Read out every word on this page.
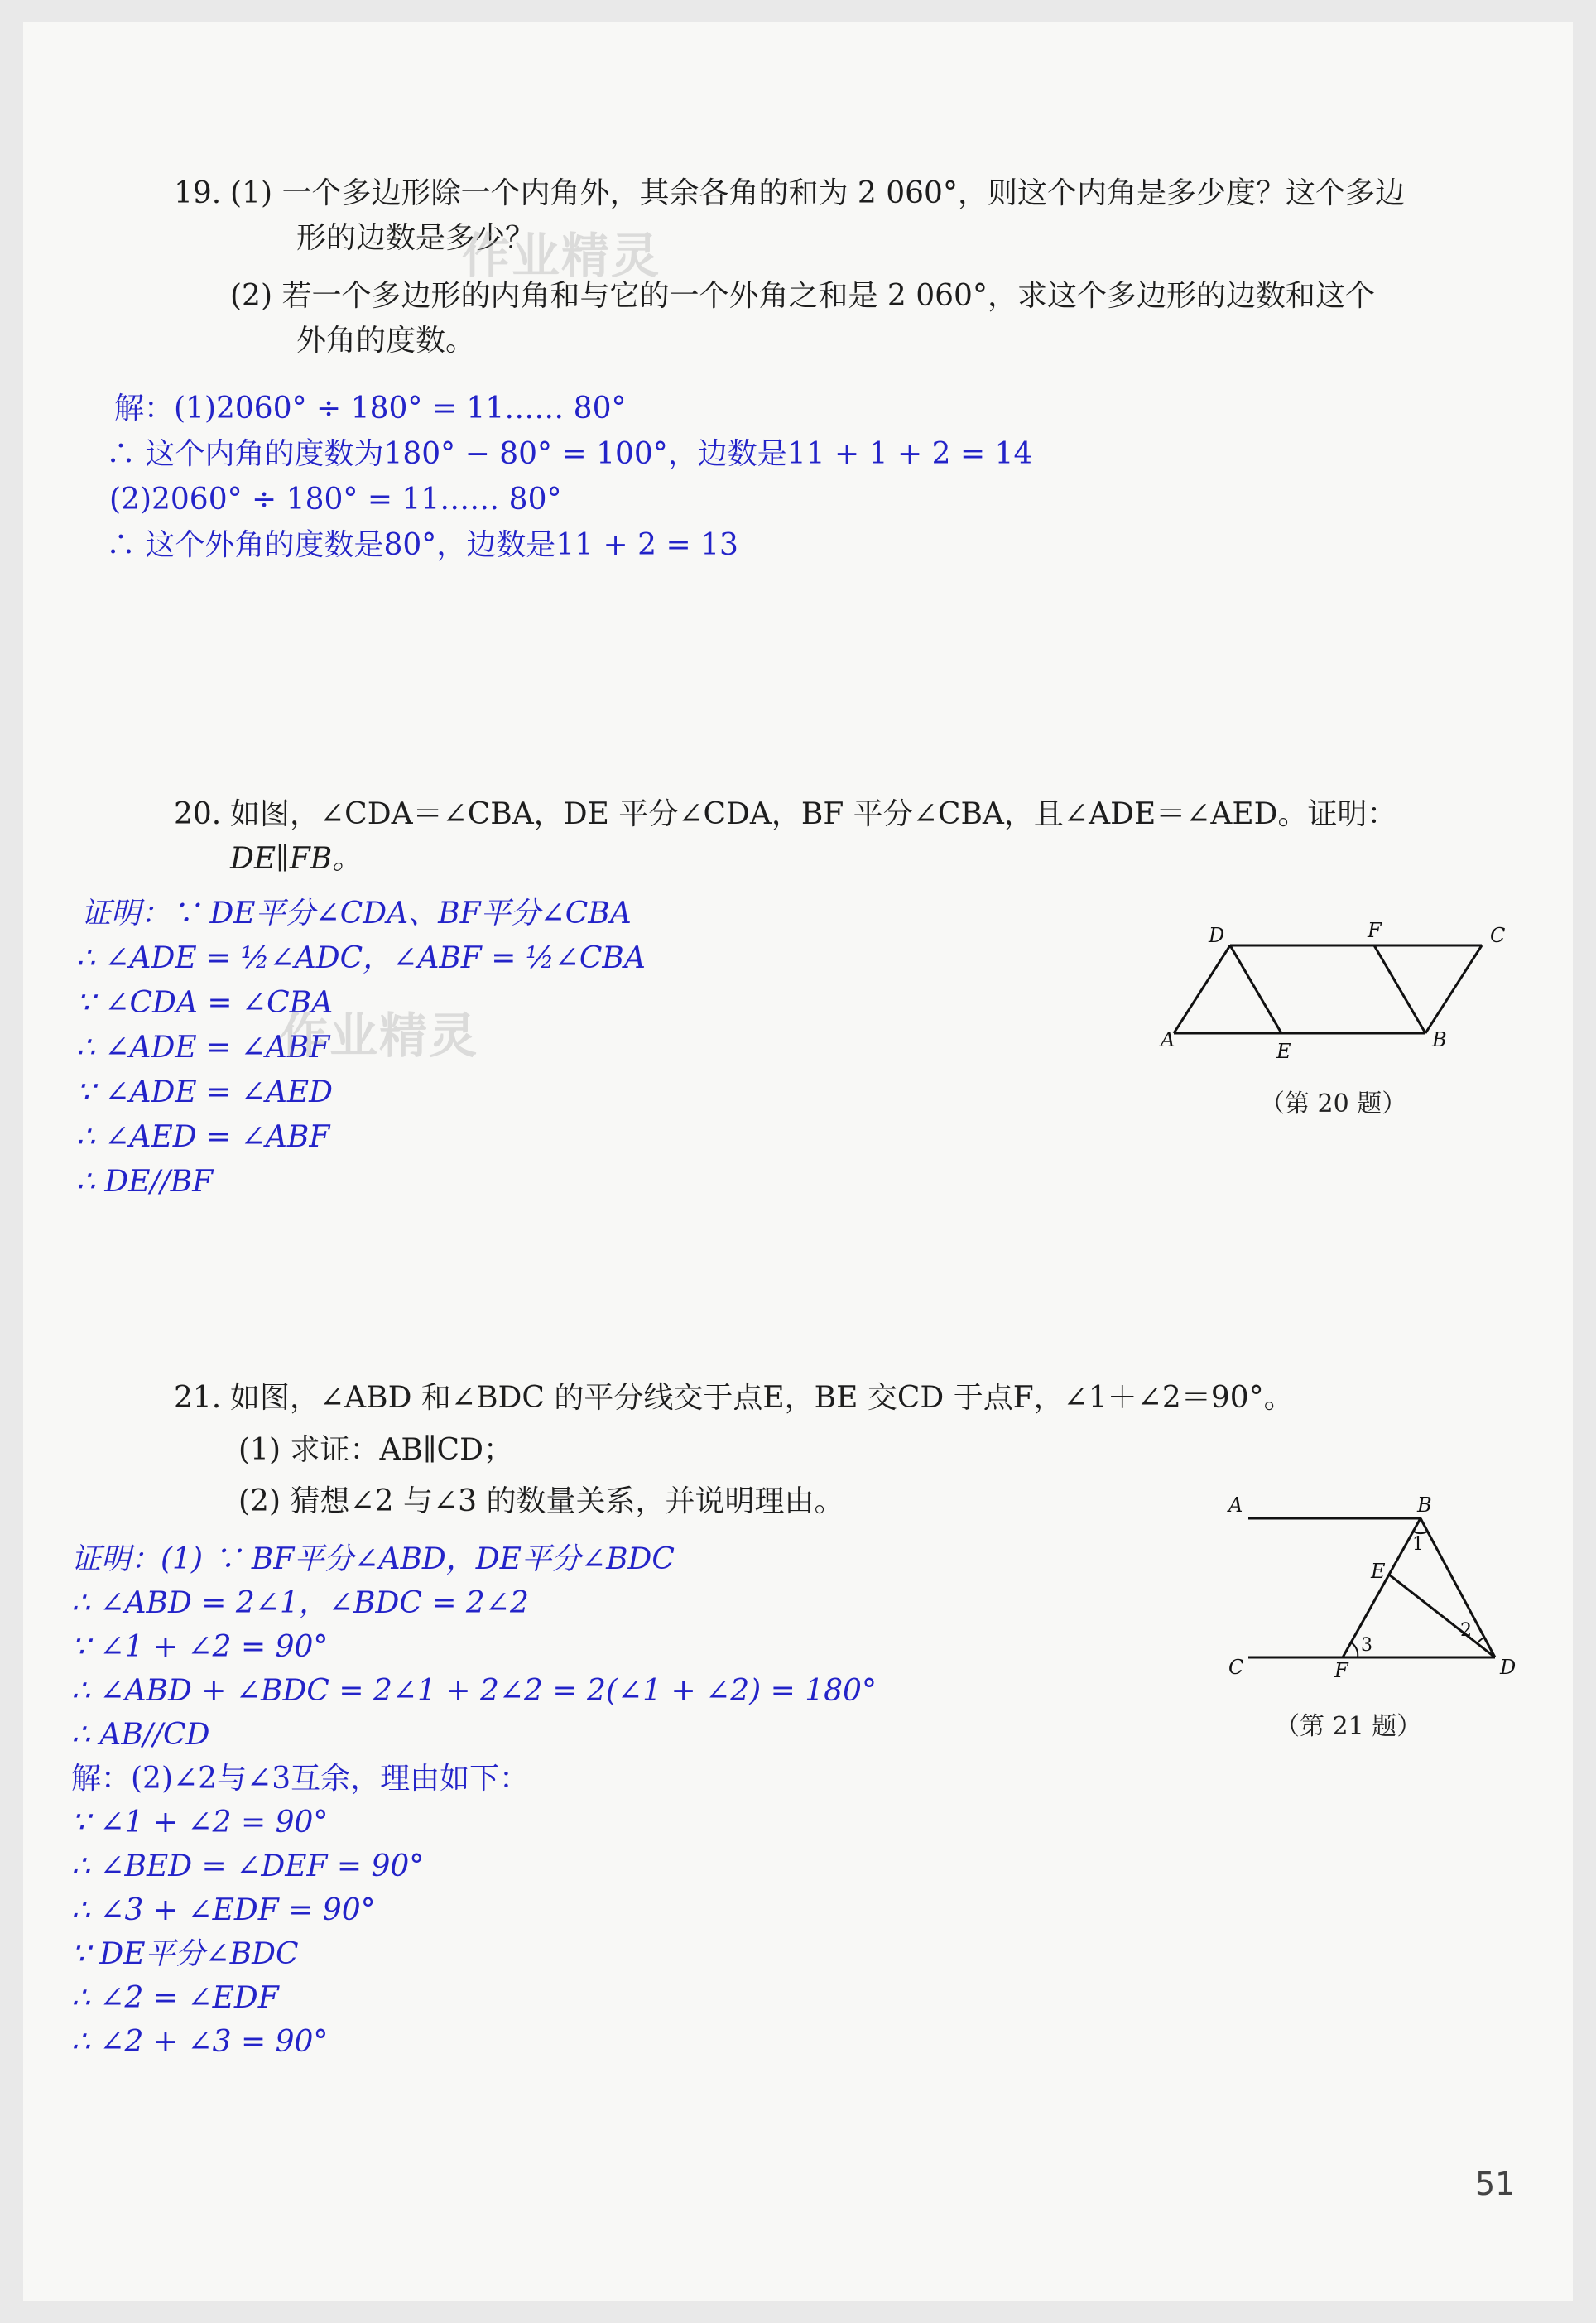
19. (1) 一个多边形除一个内角外，其余各角的和为 2 060°，则这个内角是多少度？这个多边
形的边数是多少？
(2) 若一个多边形的内角和与它的一个外角之和是 2 060°，求这个多边形的边数和这个
外角的度数。
作业精灵
解：(1)2060° ÷ 180° = 11…… 80°
∴ 这个内角的度数为180° − 80° = 100°，边数是11 + 1 + 2 = 14
(2)2060° ÷ 180° = 11…… 80°
∴ 这个外角的度数是80°，边数是11 + 2 = 13
20. 如图，∠CDA＝∠CBA，DE 平分∠CDA，BF 平分∠CBA，且∠ADE＝∠AED。证明：
DE∥FB。
证明：∵ DE平分∠CDA、BF平分∠CBA
∴ ∠ADE = ½∠ADC，∠ABF = ½∠CBA
∵ ∠CDA = ∠CBA
∴ ∠ADE = ∠ABF
∵ ∠ADE = ∠AED
∴ ∠AED = ∠ABF
∴ DE//BF
作业精灵
D	F	C
A	E	B
（第 20 题）
21. 如图，∠ABD 和∠BDC 的平分线交于点E，BE 交CD 于点F，∠1＋∠2＝90°。
(1) 求证：AB∥CD；
(2) 猜想∠2 与∠3 的数量关系，并说明理由。
证明：(1) ∵ BF平分∠ABD，DE平分∠BDC
∴ ∠ABD = 2∠1，∠BDC = 2∠2
∵ ∠1 + ∠2 = 90°
∴ ∠ABD + ∠BDC = 2∠1 + 2∠2 = 2(∠1 + ∠2) = 180°
∴ AB//CD
解：(2)∠2与∠3互余，理由如下：
∵ ∠1 + ∠2 = 90°
∴ ∠BED = ∠DEF = 90°
∴ ∠3 + ∠EDF = 90°
∵ DE平分∠BDC
∴ ∠2 = ∠EDF
∴ ∠2 + ∠3 = 90°
A	B
E
C	F	D
1
2
3
（第 21 题）
51
